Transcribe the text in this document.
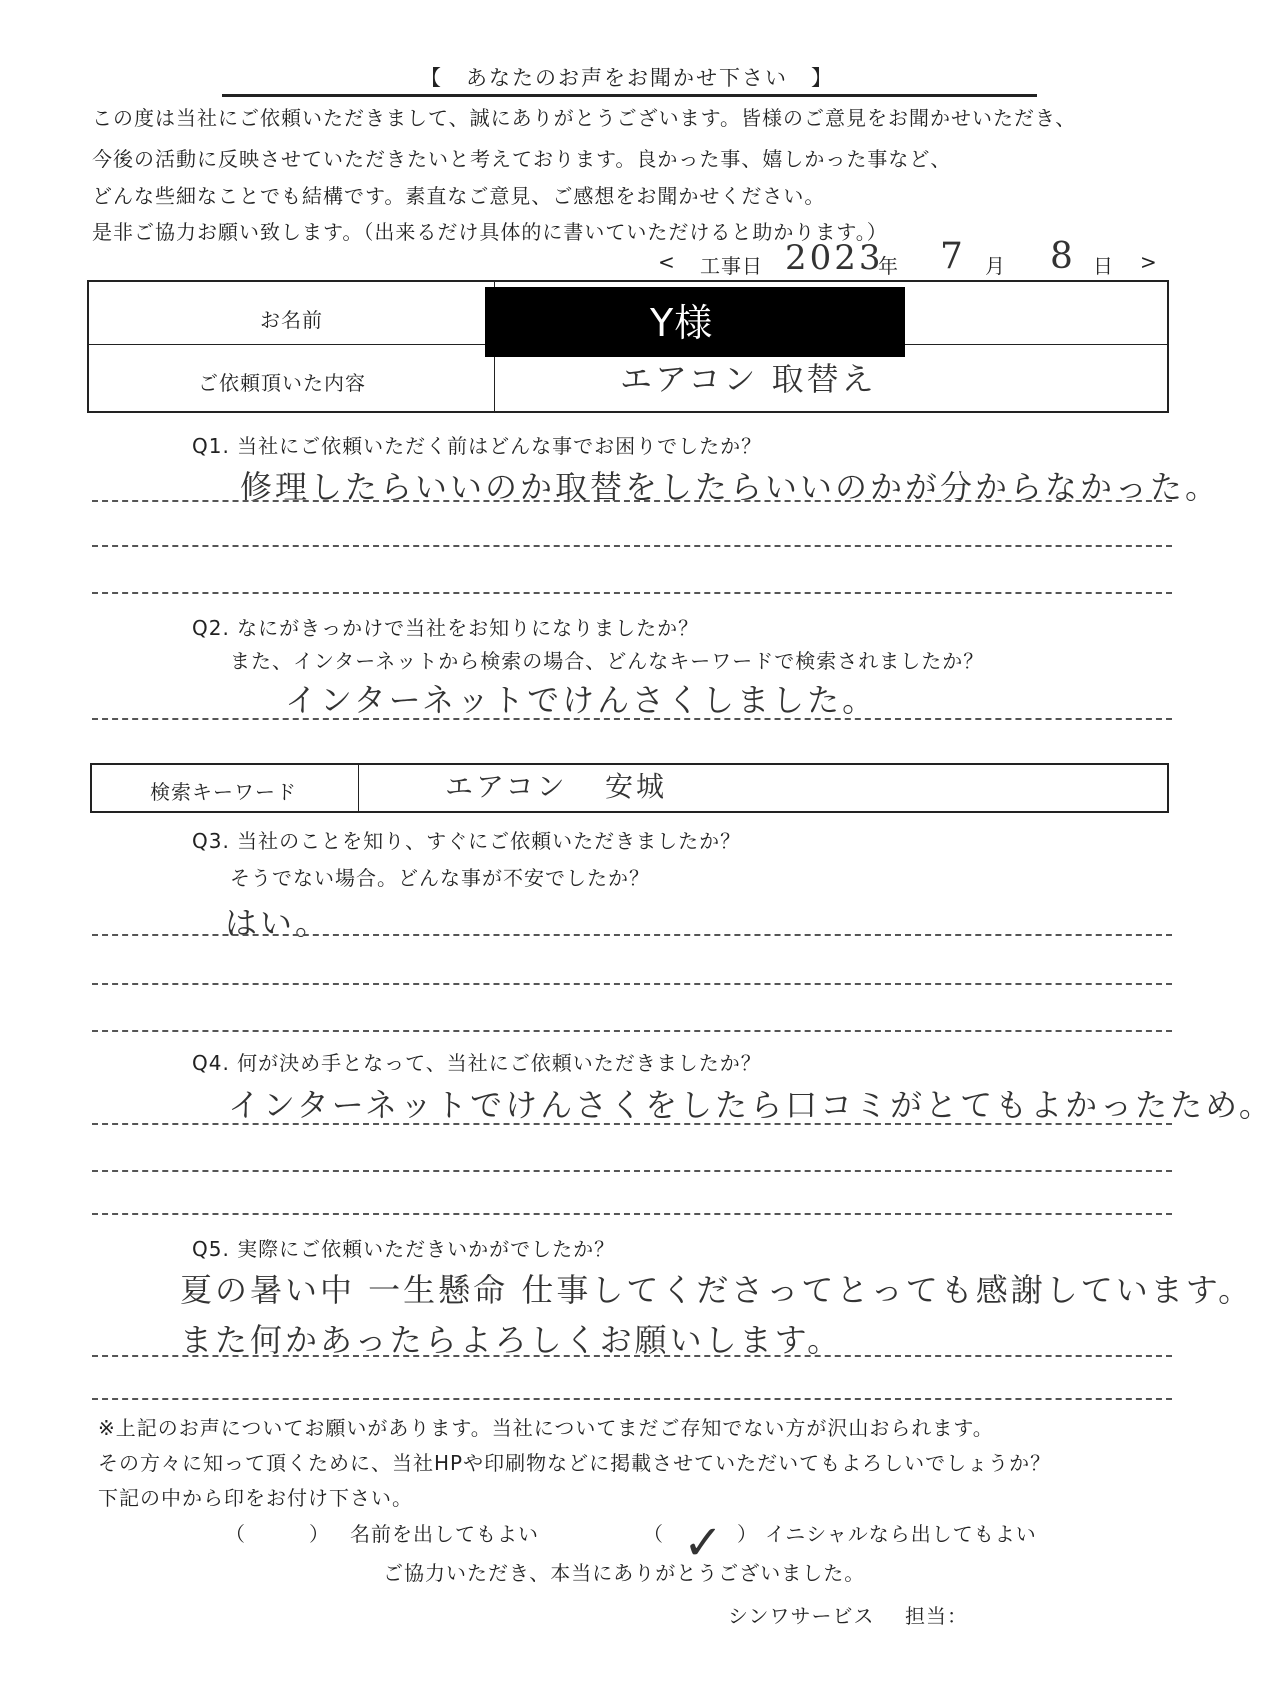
【　あなたのお声をお聞かせ下さい　】
この度は当社にご依頼いただきまして、誠にありがとうございます。皆様のご意見をお聞かせいただき、
今後の活動に反映させていただきたいと考えております。良かった事、嬉しかった事など、
どんな些細なことでも結構です。素直なご意見、ご感想をお聞かせください。
是非ご協力お願い致します。（出来るだけ具体的に書いていただけると助かります。）
< 工事日 2023
年 7 月 8 日 >
お名前
ご依頼頂いた内容
Y様
エアコン 取替え
Q1. 当社にご依頼いただく前はどんな事でお困りでしたか？
修理したらいいのか取替をしたらいいのかが分からなかった。
Q2. なにがきっかけで当社をお知りになりましたか？
また、インターネットから検索の場合、どんなキーワードで検索されましたか？
インターネットでけんさくしました。
検索キーワード	エアコン 安城
Q3. 当社のことを知り、すぐにご依頼いただきましたか？
そうでない場合。どんな事が不安でしたか？
はい。
Q4. 何が決め手となって、当社にご依頼いただきましたか？
インターネットでけんさくをしたら口コミがとてもよかったため。
Q5. 実際にご依頼いただきいかがでしたか？
夏の暑い中 一生懸命 仕事してくださってとっても感謝しています。
また何かあったらよろしくお願いします。
※上記のお声についてお願いがあります。当社についてまだご存知でない方が沢山おられます。
その方々に知って頂くために、当社HPや印刷物などに掲載させていただいてもよろしいでしょうか？
下記の中から印をお付け下さい。
（　　　） 名前を出してもよい	（ ✓ ） イニシャルなら出してもよい
ご協力いただき、本当にありがとうございました。
シンワサービス 担当：
